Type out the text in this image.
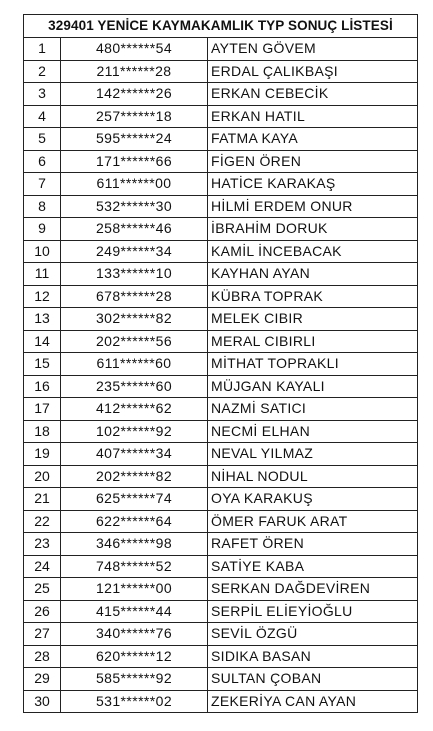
329401 YENİCE KAYMAKAMLIK TYP SONUÇ LİSTESİ		
1	480******54	AYTEN GÖVEM
2	211******28	ERDAL ÇALIKBAŞI
3	142******26	ERKAN CEBECİK
4	257******18	ERKAN HATIL
5	595******24	FATMA KAYA
6	171******66	FİGEN ÖREN
7	611******00	HATİCE KARAKAŞ
8	532******30	HİLMİ ERDEM ONUR
9	258******46	İBRAHİM DORUK
10	249******34	KAMİL İNCEBACAK
11	133******10	KAYHAN AYAN
12	678******28	KÜBRA TOPRAK
13	302******82	MELEK CIBIR
14	202******56	MERAL CIBIRLI
15	611******60	MİTHAT TOPRAKLI
16	235******60	MÜJGAN KAYALI
17	412******62	NAZMİ SATICI
18	102******92	NECMİ ELHAN
19	407******34	NEVAL YILMAZ
20	202******82	NİHAL NODUL
21	625******74	OYA KARAKUŞ
22	622******64	ÖMER FARUK ARAT
23	346******98	RAFET ÖREN
24	748******52	SATİYE KABA
25	121******00	SERKAN DAĞDEVİREN
26	415******44	SERPİL ELİEYİOĞLU
27	340******76	SEVİL ÖZGÜ
28	620******12	SIDIKA BASAN
29	585******92	SULTAN ÇOBAN
30	531******02	ZEKERİYA CAN AYAN
